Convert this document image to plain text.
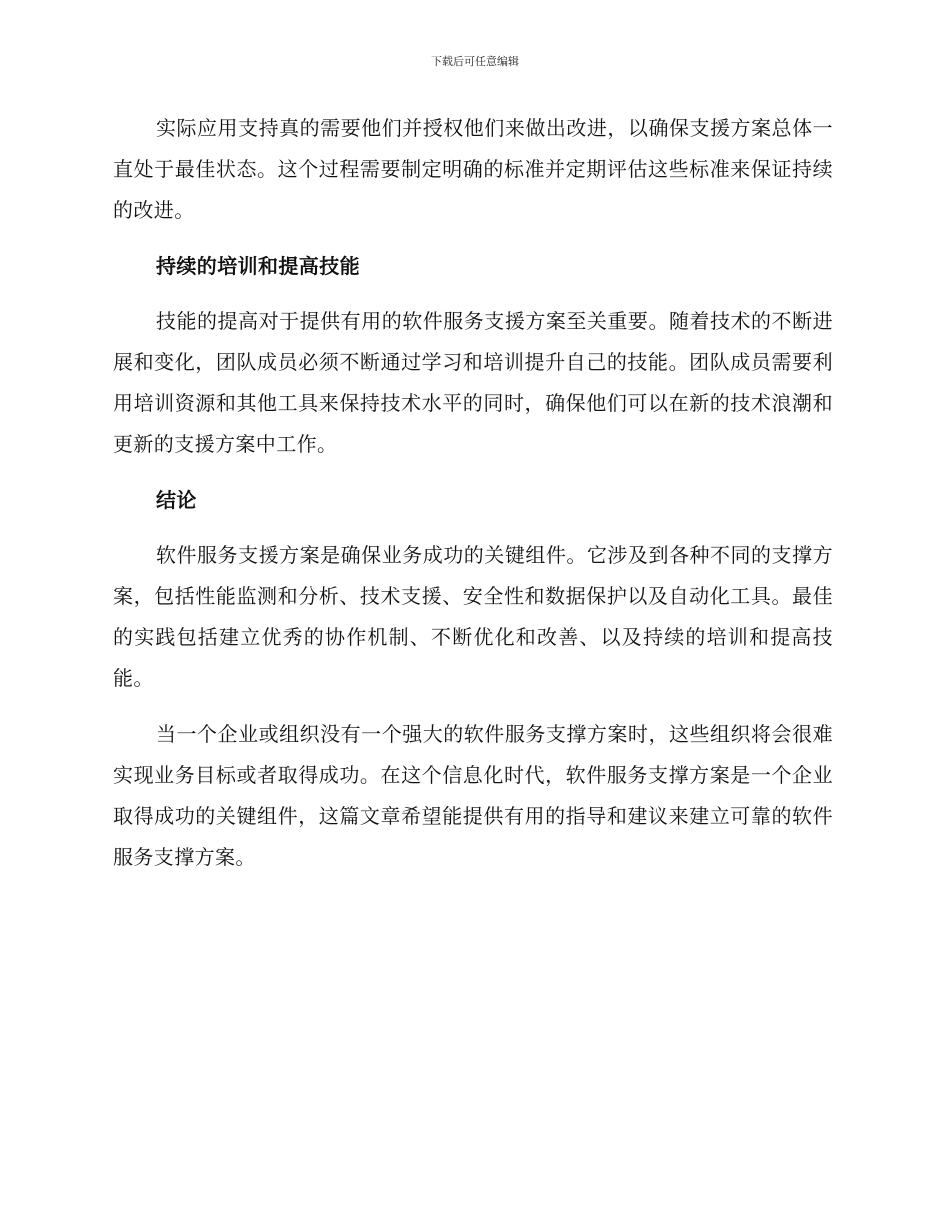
下载后可任意编辑

实际应用支持真的需要他们并授权他们来做出改进，以确保支援方案总体一直处于最佳状态。这个过程需要制定明确的标准并定期评估这些标准来保证持续的改进。

持续的培训和提高技能

技能的提高对于提供有用的软件服务支援方案至关重要。随着技术的不断进展和变化，团队成员必须不断通过学习和培训提升自己的技能。团队成员需要利用培训资源和其他工具来保持技术水平的同时，确保他们可以在新的技术浪潮和更新的支援方案中工作。

结论

软件服务支援方案是确保业务成功的关键组件。它涉及到各种不同的支撑方案，包括性能监测和分析、技术支援、安全性和数据保护以及自动化工具。最佳的实践包括建立优秀的协作机制、不断优化和改善、以及持续的培训和提高技能。

当一个企业或组织没有一个强大的软件服务支撑方案时，这些组织将会很难实现业务目标或者取得成功。在这个信息化时代，软件服务支撑方案是一个企业取得成功的关键组件，这篇文章希望能提供有用的指导和建议来建立可靠的软件服务支撑方案。
